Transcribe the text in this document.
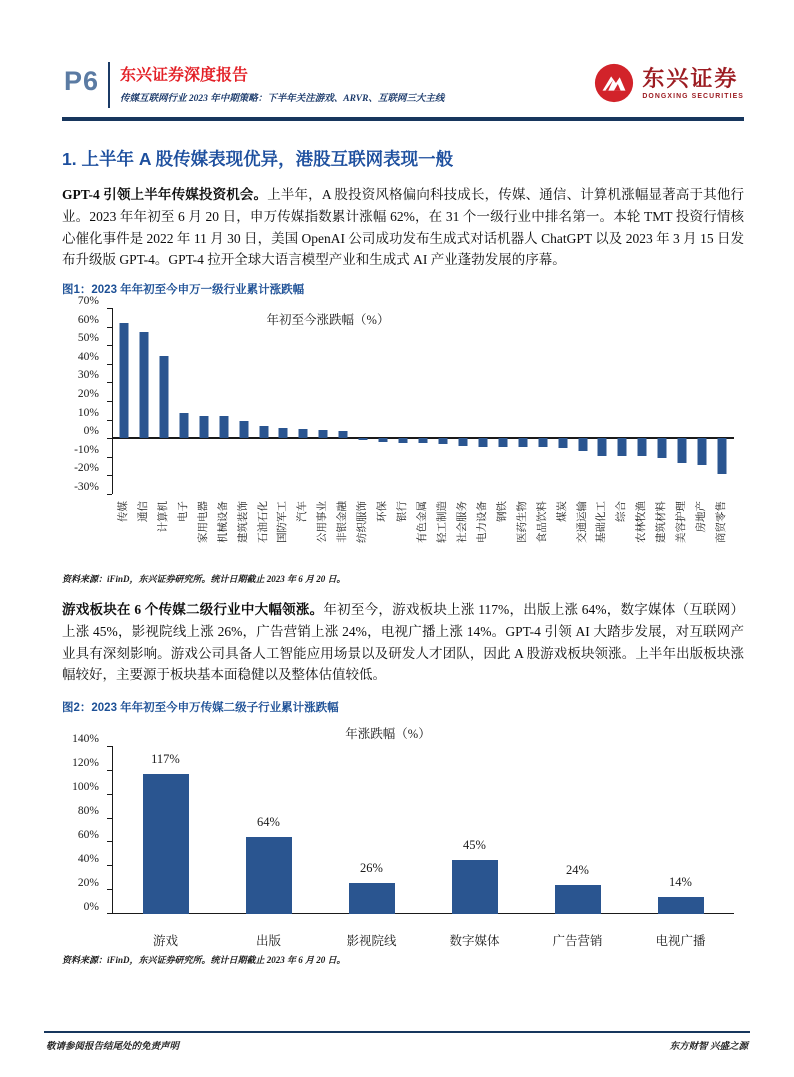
P6 东兴证券深度报告
传媒互联网行业 2023 年中期策略：下半年关注游戏、ARVR、互联网三大主线
东兴证券
DONGXING SECURITIES
1. 上半年 A 股传媒表现优异，港股互联网表现一般
GPT-4 引领上半年传媒投资机会。上半年，A 股投资风格偏向科技成长，传媒、通信、计算机涨幅显著高于其他行业。2023 年年初至 6 月 20 日，申万传媒指数累计涨幅 62%，在 31 个一级行业中排名第一。本轮 TMT 投资行情核心催化事件是 2022 年 11 月 30 日，美国 OpenAI 公司成功发布生成式对话机器人 ChatGPT 以及 2023 年 3 月 15 日发布升级版 GPT-4。GPT-4 拉开全球大语言模型产业和生成式 AI 产业蓬勃发展的序幕。
图1：2023 年年初至今申万一级行业累计涨跌幅
年初至今涨跌幅（%）
70%
60%
50%
40%
30%
20%
10%
0%
-10%
-20%
-30%
传媒 通信 计算机 电子 家用电器 机械设备 建筑装饰 石油石化 国防军工 汽车 公用事业 非银金融 纺织服饰 环保 银行 有色金属 轻工制造 社会服务 电力设备 钢铁 医药生物 食品饮料 煤炭 交通运输 基础化工 综合 农林牧渔 建筑材料 美容护理 房地产 商贸零售
资料来源：iFinD，东兴证券研究所。统计日期截止 2023 年 6 月 20 日。
游戏板块在 6 个传媒二级行业中大幅领涨。年初至今，游戏板块上涨 117%，出版上涨 64%，数字媒体（互联网）上涨 45%，影视院线上涨 26%，广告营销上涨 24%，电视广播上涨 14%。GPT-4 引领 AI 大踏步发展，对互联网产业具有深刻影响。游戏公司具备人工智能应用场景以及研发人才团队，因此 A 股游戏板块领涨。上半年出版板块涨幅较好，主要源于板块基本面稳健以及整体估值较低。
图2：2023 年年初至今申万传媒二级子行业累计涨跌幅
年涨跌幅（%）
140%
120%
100%
80%
60%
40%
20%
0%
117%
64%
26%
45%
24%
14%
游戏	出版	影视院线	数字媒体	广告营销	电视广播
资料来源：iFinD，东兴证券研究所。统计日期截止 2023 年 6 月 20 日。
敬请参阅报告结尾处的免责声明	东方财智 兴盛之源
